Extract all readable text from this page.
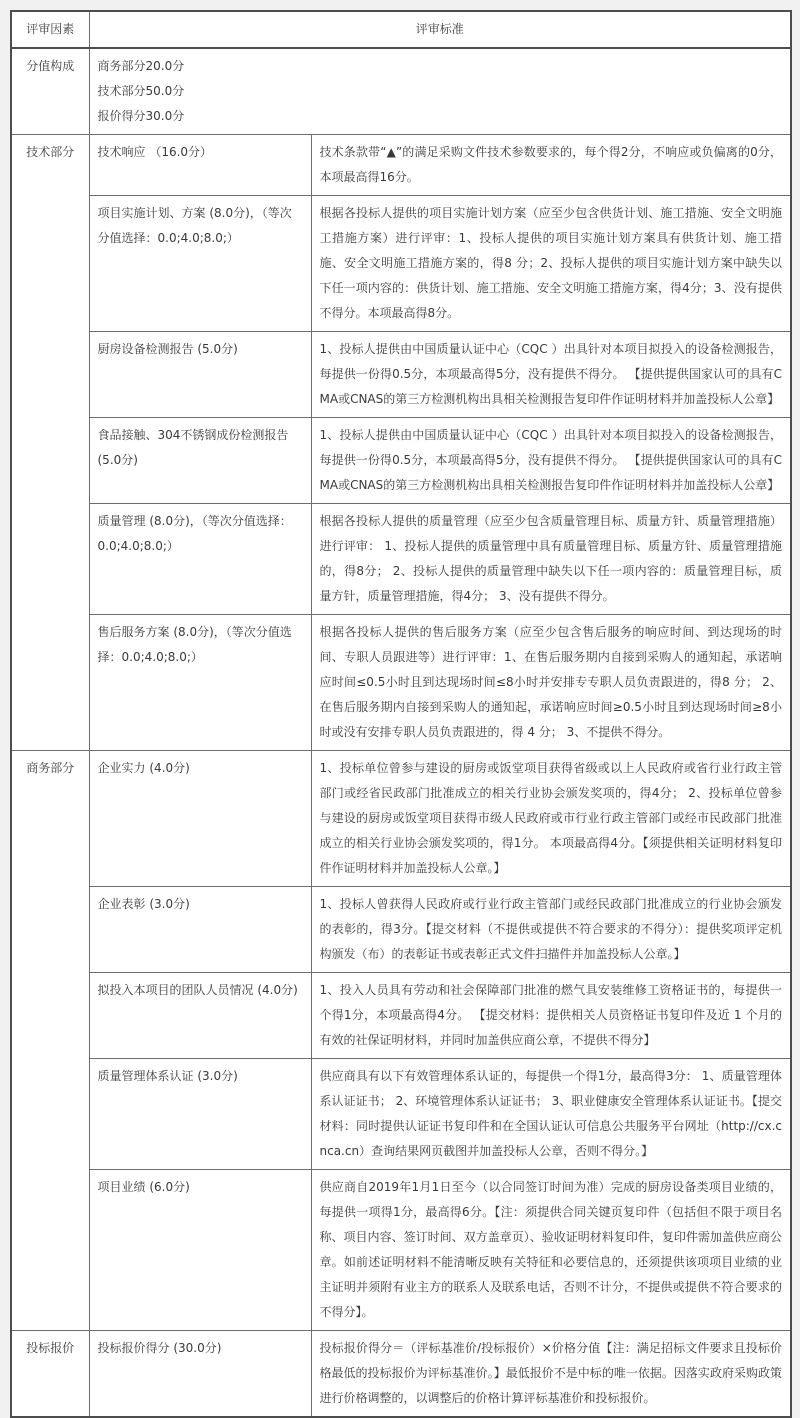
评审因素	评审标准	
分值构成	商务部分20.0分
技术部分50.0分
报价得分30.0分	

技术部分	技术响应 （16.0分）	技术条款带“▲”的满足采购文件技术参数要求的，每个得2分，不响应或负偏离的0分，本项最高得16分。
	项目实施计划、方案 (8.0分)，（等次分值选择：0.0;4.0;8.0;）	根据各投标人提供的项目实施计划方案（应至少包含供货计划、施工措施、安全文明施工措施方案）进行评审：1、投标人提供的项目实施计划方案具有供货计划、施工措施、安全文明施工措施方案的，得8 分；2、投标人提供的项目实施计划方案中缺失以下任一项内容的：供货计划、施工措施、安全文明施工措施方案，得4分；3、没有提供不得分。本项最高得8分。
	厨房设备检测报告 (5.0分)	1、投标人提供由中国质量认证中心（CQC ）出具针对本项目拟投入的设备检测报告，每提供一份得0.5分，本项最高得5分，没有提供不得分。 【提供提供国家认可的具有CMA或CNAS的第三方检测机构出具相关检测报告复印件作证明材料并加盖投标人公章】
	食品接触、304不锈钢成份检测报告 (5.0分)	1、投标人提供由中国质量认证中心（CQC ）出具针对本项目拟投入的设备检测报告，每提供一份得0.5分，本项最高得5分，没有提供不得分。 【提供提供国家认可的具有CMA或CNAS的第三方检测机构出具相关检测报告复印件作证明材料并加盖投标人公章】
	质量管理 (8.0分)，（等次分值选择：0.0;4.0;8.0;）	根据各投标人提供的质量管理（应至少包含质量管理目标、质量方针、质量管理措施）进行评审： 1、投标人提供的质量管理中具有质量管理目标、质量方针、质量管理措施的，得8分； 2、投标人提供的质量管理中缺失以下任一项内容的：质量管理目标，质量方针，质量管理措施，得4分； 3、没有提供不得分。
	售后服务方案 (8.0分)，（等次分值选择：0.0;4.0;8.0;）	根据各投标人提供的售后服务方案（应至少包含售后服务的响应时间、到达现场的时间、专职人员跟进等）进行评审：1、在售后服务期内自接到采购人的通知起，承诺响应时间≤0.5小时且到达现场时间≤8小时并安排专专职人员负责跟进的，得8 分； 2、在售后服务期内自接到采购人的通知起，承诺响应时间≥0.5小时且到达现场时间≥8小时或没有安排专职人员负责跟进的，得 4 分； 3、不提供不得分。
商务部分	企业实力 (4.0分)	1、投标单位曾参与建设的厨房或饭堂项目获得省级或以上人民政府或省行业行政主管部门或经省民政部门批准成立的相关行业协会颁发奖项的，得4分； 2、投标单位曾参与建设的厨房或饭堂项目获得市级人民政府或市行业行政主管部门或经市民政部门批准成立的相关行业协会颁发奖项的，得1分。 本项最高得4分。【须提供相关证明材料复印件作证明材料并加盖投标人公章。】
	企业表彰 (3.0分)	1、投标人曾获得人民政府或行业行政主管部门或经民政部门批准成立的行业协会颁发的表彰的，得3分。【提交材料（不提供或提供不符合要求的不得分）：提供奖项评定机构颁发（布）的表彰证书或表彰正式文件扫描件并加盖投标人公章。】
	拟投入本项目的团队人员情况 (4.0分)	1、投入人员具有劳动和社会保障部门批准的燃气具安装维修工资格证书的，每提供一个得1分，本项最高得4分。 【提交材料：提供相关人员资格证书复印件及近 1 个月的有效的社保证明材料，并同时加盖供应商公章，不提供不得分】
	质量管理体系认证 (3.0分)	供应商具有以下有效管理体系认证的，每提供一个得1分，最高得3分： 1、质量管理体系认证证书； 2、环境管理体系认证证书； 3、职业健康安全管理体系认证证书。【提交材料：同时提供认证证书复印件和在全国认证认可信息公共服务平台网址（http://cx.cnca.cn）查询结果网页截图并加盖投标人公章，否则不得分。】
	项目业绩 (6.0分)	供应商自2019年1月1日至今（以合同签订时间为准）完成的厨房设备类项目业绩的，每提供一项得1分，最高得6分。【注：须提供合同关键页复印件（包括但不限于项目名称、项目内容、签订时间、双方盖章页）、验收证明材料复印件，复印件需加盖供应商公章。如前述证明材料不能清晰反映有关特征和必要信息的，还须提供该项项目业绩的业主证明并须附有业主方的联系人及联系电话，否则不计分，不提供或提供不符合要求的不得分】。
投标报价	投标报价得分 (30.0分)	投标报价得分＝（评标基准价/投标报价）×价格分值【注：满足招标文件要求且投标价格最低的投标报价为评标基准价。】最低报价不是中标的唯一依据。因落实政府采购政策进行价格调整的，以调整后的价格计算评标基准价和投标报价。
